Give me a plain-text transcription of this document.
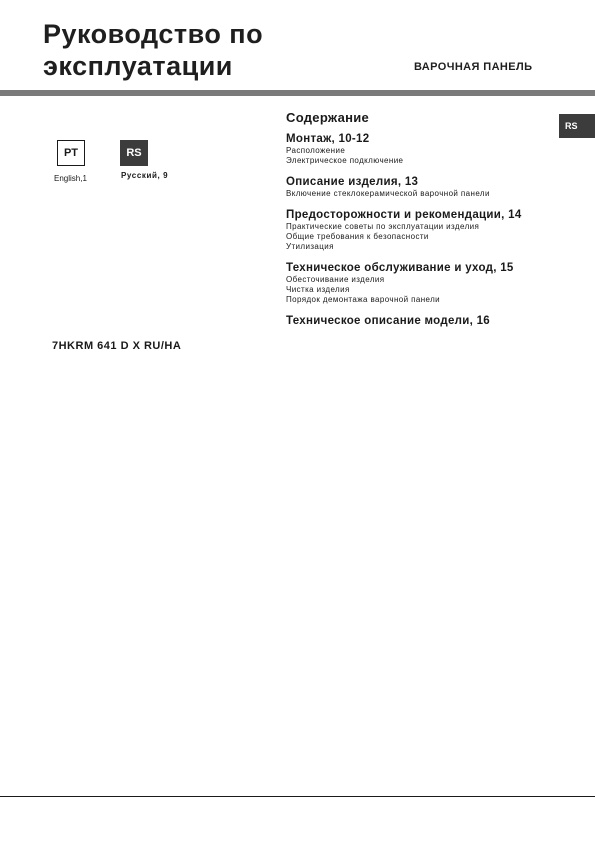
Руководство по
эксплуатации	ВАРОЧНАЯ ПАНЕЛЬ
PT
English,1
RS
Русский, 9
7HKRM 641 D X RU/HA
RS
Содержание
Монтаж, 10-12
Расположение
Электрическое подключение
Описание изделия, 13
Включение стеклокерамической варочной панели
Предосторожности и рекомендации, 14
Практические советы по эксплуатации изделия
Общие требования к безопасности
Утилизация
Техническое обслуживание и уход, 15
Обесточивание изделия
Чистка изделия
Порядок демонтажа варочной панели
Техническое описание модели, 16
